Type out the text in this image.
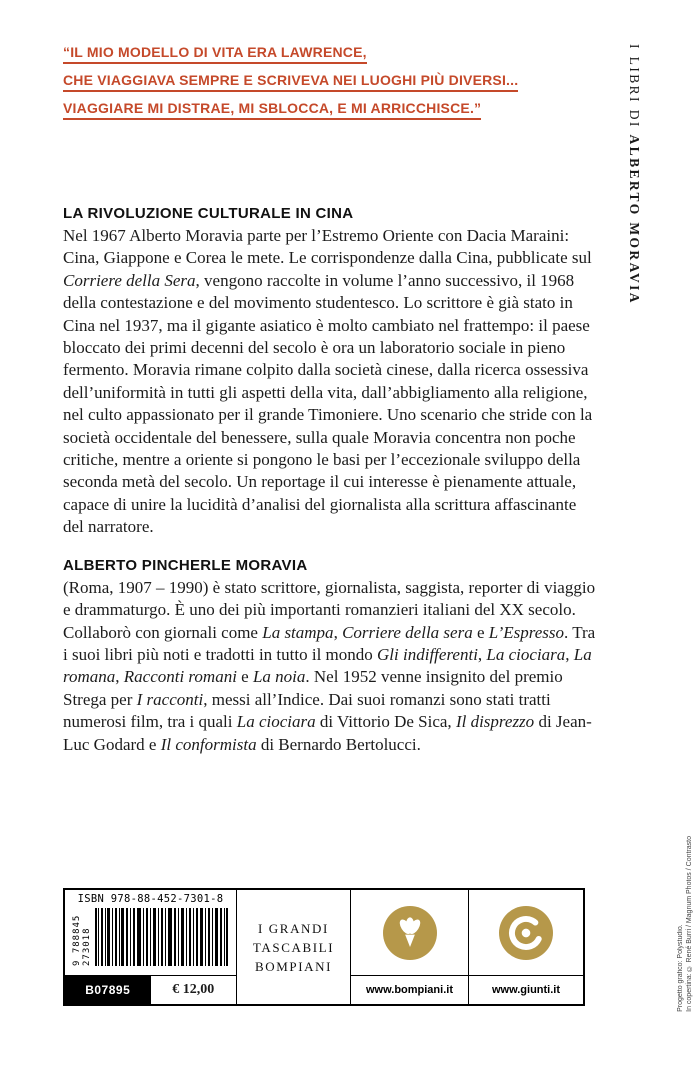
“IL MIO MODELLO DI VITA ERA LAWRENCE,
CHE VIAGGIAVA SEMPRE E SCRIVEVA NEI LUOGHI PIÙ DIVERSI...
VIAGGIARE MI DISTRAE, MI SBLOCCA, E MI ARRICCHISCE.”	I LIBRI DI ALBERTO MORAVIA
LA RIVOLUZIONE CULTURALE IN CINA

Nel 1967 Alberto Moravia parte per l’Estremo Oriente con Dacia Maraini: Cina, Giappone e Corea le mete. Le corrispondenze dalla Cina, pubblicate sul Corriere della Sera, vengono raccolte in volume l’anno successivo, il 1968 della contestazione e del movimento studentesco. Lo scrittore è già stato in Cina nel 1937, ma il gigante asiatico è molto cambiato nel frattempo: il paese bloccato dei primi decenni del secolo è ora un laboratorio sociale in pieno fermento. Moravia rimane colpito dalla società cinese, dalla ricerca ossessiva dell’uniformità in tutti gli aspetti della vita, dall’abbigliamento alla religione, nel culto appassionato per il grande Timoniere. Uno scenario che stride con la società occidentale del benessere, sulla quale Moravia concentra non poche critiche, mentre a oriente si pongono le basi per l’eccezionale sviluppo della seconda metà del secolo. Un reportage il cui interesse è pienamente attuale, capace di unire la lucidità d’analisi del giornalista alla scrittura affascinante del narratore.

ALBERTO PINCHERLE MORAVIA

(Roma, 1907 – 1990) è stato scrittore, giornalista, saggista, reporter di viaggio e drammaturgo. È uno dei più importanti romanzieri italiani del XX secolo. Collaborò con giornali come La stampa, Corriere della sera e L’Espresso. Tra i suoi libri più noti e tradotti in tutto il mondo Gli indifferenti, La ciociara, La romana, Racconti romani e La noia. Nel 1952 venne insignito del premio Strega per I racconti, messi all’Indice. Dai suoi romanzi sono stati tratti numerosi film, tra i quali La ciociara di Vittorio De Sica, Il disprezzo di Jean-Luc Godard e Il conformista di Bernardo Bertolucci.

ISBN 978-88-452-7301-8
9 788845 273018
B07895	€ 12,00
I GRANDI
TASCABILI
BOMPIANI
www.bompiani.it	www.giunti.it	Progetto grafico: Polystudio. In copertina: © René Burri / Magnum Photos / Contrasto
